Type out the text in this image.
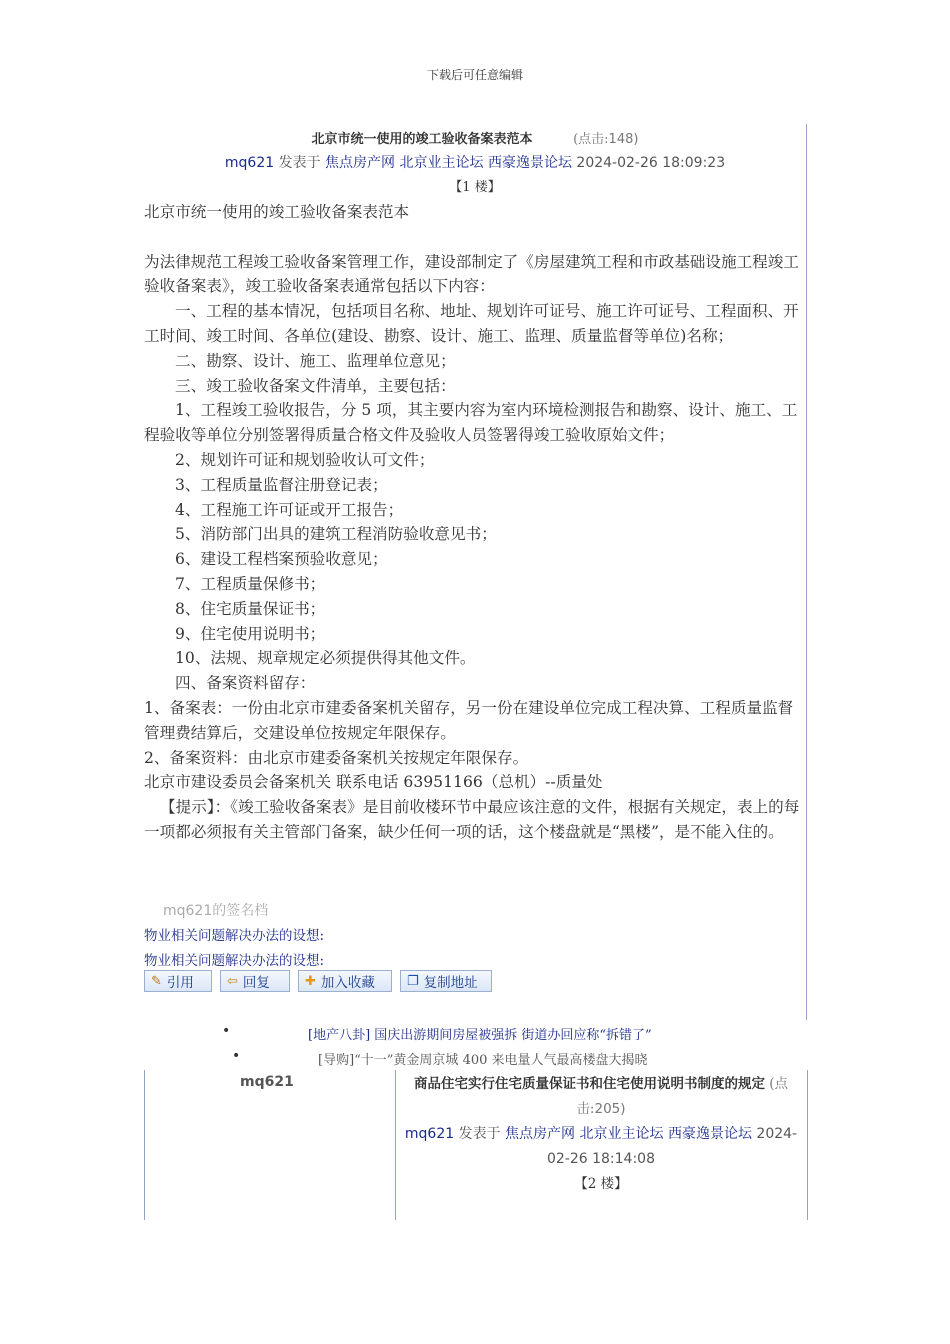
下载后可任意编辑
北京市统一使用的竣工验收备案表范本	(点击:148)
mq621 发表于 焦点房产网 北京业主论坛 西豪逸景论坛 2024-02-26 18:09:23
【1 楼】

北京市统一使用的竣工验收备案表范本

为法律规范工程竣工验收备案管理工作，建设部制定了《房屋建筑工程和市政基础设施工程竣工验收备案表》，竣工验收备案表通常包括以下内容：

一、工程的基本情况，包括项目名称、地址、规划许可证号、施工许可证号、工程面积、开工时间、竣工时间、各单位(建设、勘察、设计、施工、监理、质量监督等单位)名称；

二、勘察、设计、施工、监理单位意见；

三、竣工验收备案文件清单，主要包括：

1、工程竣工验收报告，分 5 项，其主要内容为室内环境检测报告和勘察、设计、施工、工程验收等单位分别签署得质量合格文件及验收人员签署得竣工验收原始文件；

2、规划许可证和规划验收认可文件；

3、工程质量监督注册登记表；

4、工程施工许可证或开工报告；

5、消防部门出具的建筑工程消防验收意见书；

6、建设工程档案预验收意见；

7、工程质量保修书；

8、住宅质量保证书；

9、住宅使用说明书；

10、法规、规章规定必须提供得其他文件。

四、备案资料留存：

1、备案表：一份由北京市建委备案机关留存，另一份在建设单位完成工程决算、工程质量监督管理费结算后，交建设单位按规定年限保存。

2、备案资料：由北京市建委备案机关按规定年限保存。

北京市建设委员会备案机关 联系电话 63951166（总机）--质量处

【提示】：《竣工验收备案表》是目前收楼环节中最应该注意的文件，根据有关规定，表上的每一项都必须报有关主管部门备案，缺少任何一项的话，这个楼盘就是“黑楼”，是不能入住的。

mq621的签名档
物业相关问题解决办法的设想:
物业相关问题解决办法的设想:
✎ 引用	⇦ 回复	✚ 加入收藏 ❐ 复制地址
•	[地产八卦] 国庆出游期间房屋被强拆 街道办回应称“拆错了”
•	[导购]“十一”黄金周京城 400 来电量人气最高楼盘大揭晓
mq621	商品住宅实行住宅质量保证书和住宅使用说明书制度的规定 (点击:205)
mq621 发表于 焦点房产网 北京业主论坛 西豪逸景论坛 2024-02-26 18:14:08
【2 楼】
